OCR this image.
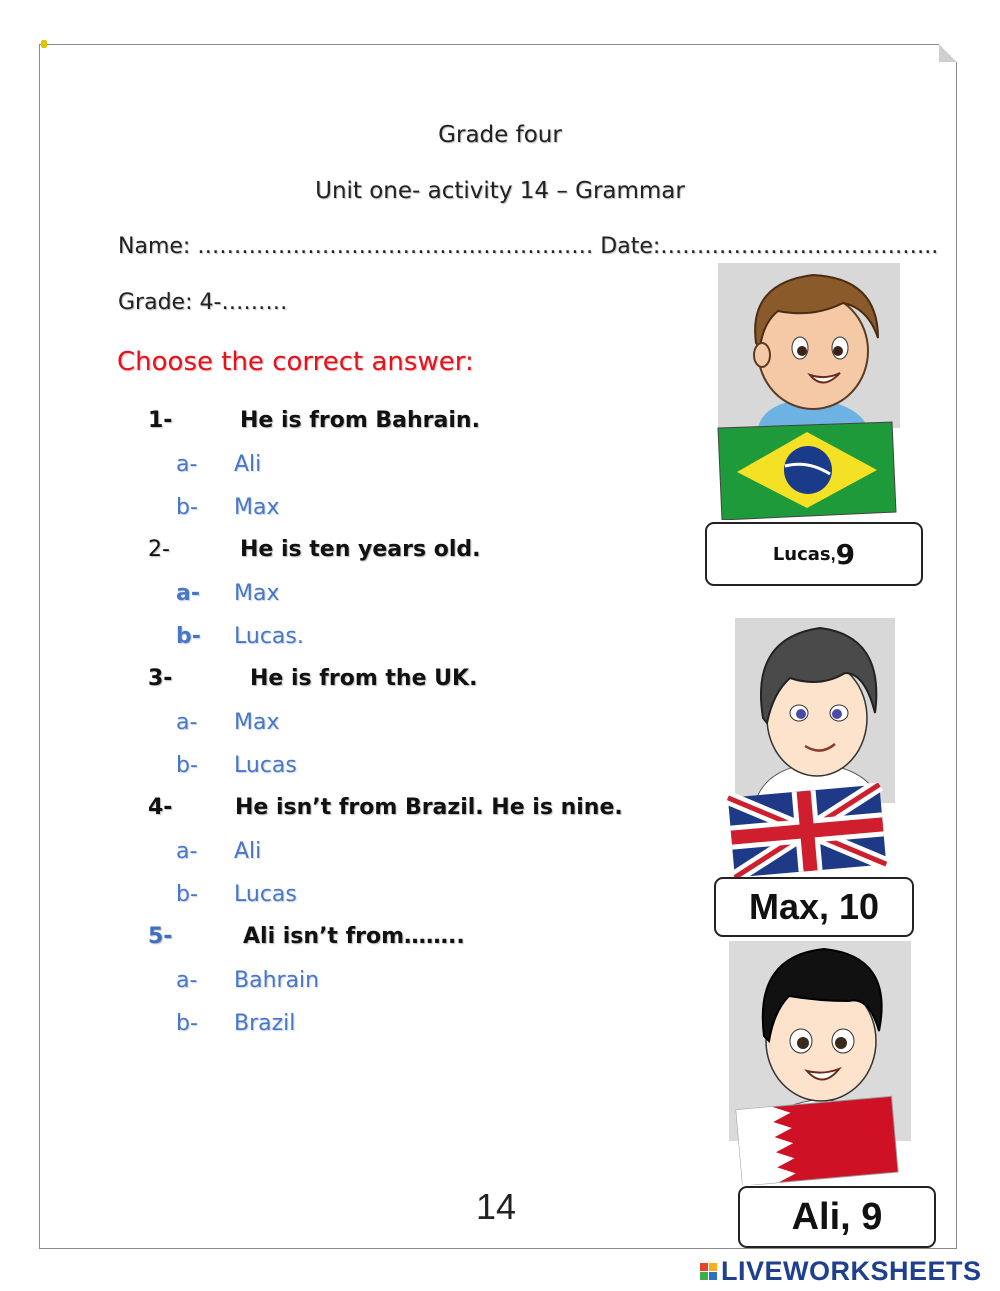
Grade four
Unit one- activity 14 – Grammar
Name: ……………………………………………… Date:………………………………..
Grade: 4-………
Choose the correct answer:
1-	He is from Bahrain.
a- Ali
b- Max
2-	He is ten years old.
a- Max
b- Lucas.
3-	He is from the UK.
a- Max
b- Lucas
4-	He isn’t from Brazil. He is nine.
a- Ali
b- Lucas
5-	Ali isn’t from……..
a- Bahrain
b- Brazil
Lucas , 9
Max, 10
Ali, 9
14
LIVEWORKSHEETS
